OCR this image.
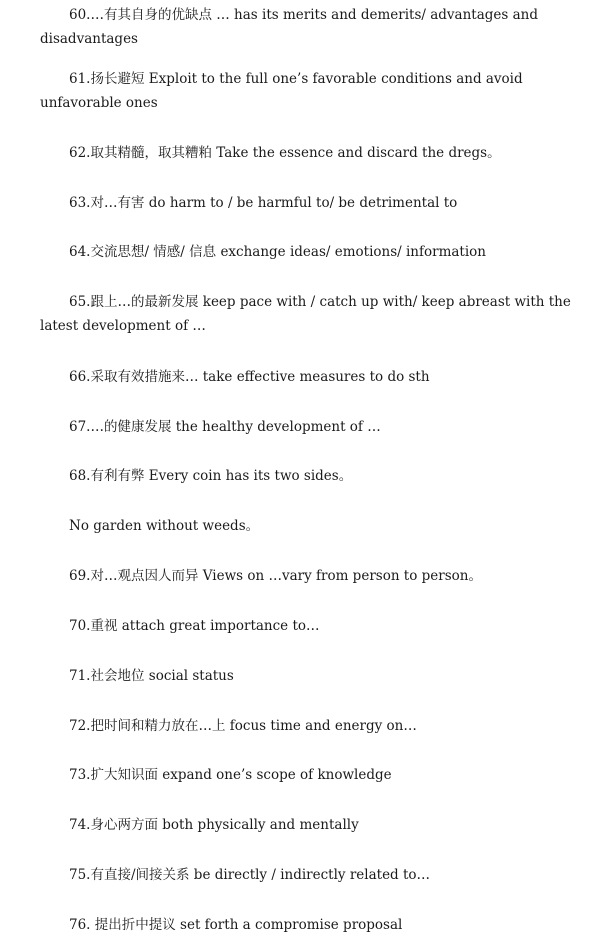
60.…有其自身的优缺点 … has its merits and demerits/ advantages and disadvantages

61.扬长避短 Exploit to the full one’s favorable conditions and avoid unfavorable ones

62.取其精髓，取其糟粕 Take the essence and discard the dregs。

63.对…有害 do harm to / be harmful to/ be detrimental to

64.交流思想/ 情感/ 信息 exchange ideas/ emotions/ information

65.跟上…的最新发展 keep pace with / catch up with/ keep abreast with the latest development of …

66.采取有效措施来… take effective measures to do sth

67.…的健康发展 the healthy development of …

68.有利有弊 Every coin has its two sides。

No garden without weeds。

69.对…观点因人而异 Views on …vary from person to person。

70.重视 attach great importance to…

71.社会地位 social status

72.把时间和精力放在…上 focus time and energy on…

73.扩大知识面 expand one’s scope of knowledge

74.身心两方面 both physically and mentally

75.有直接/间接关系 be directly / indirectly related to…

76. 提出折中提议 set forth a compromise proposal
